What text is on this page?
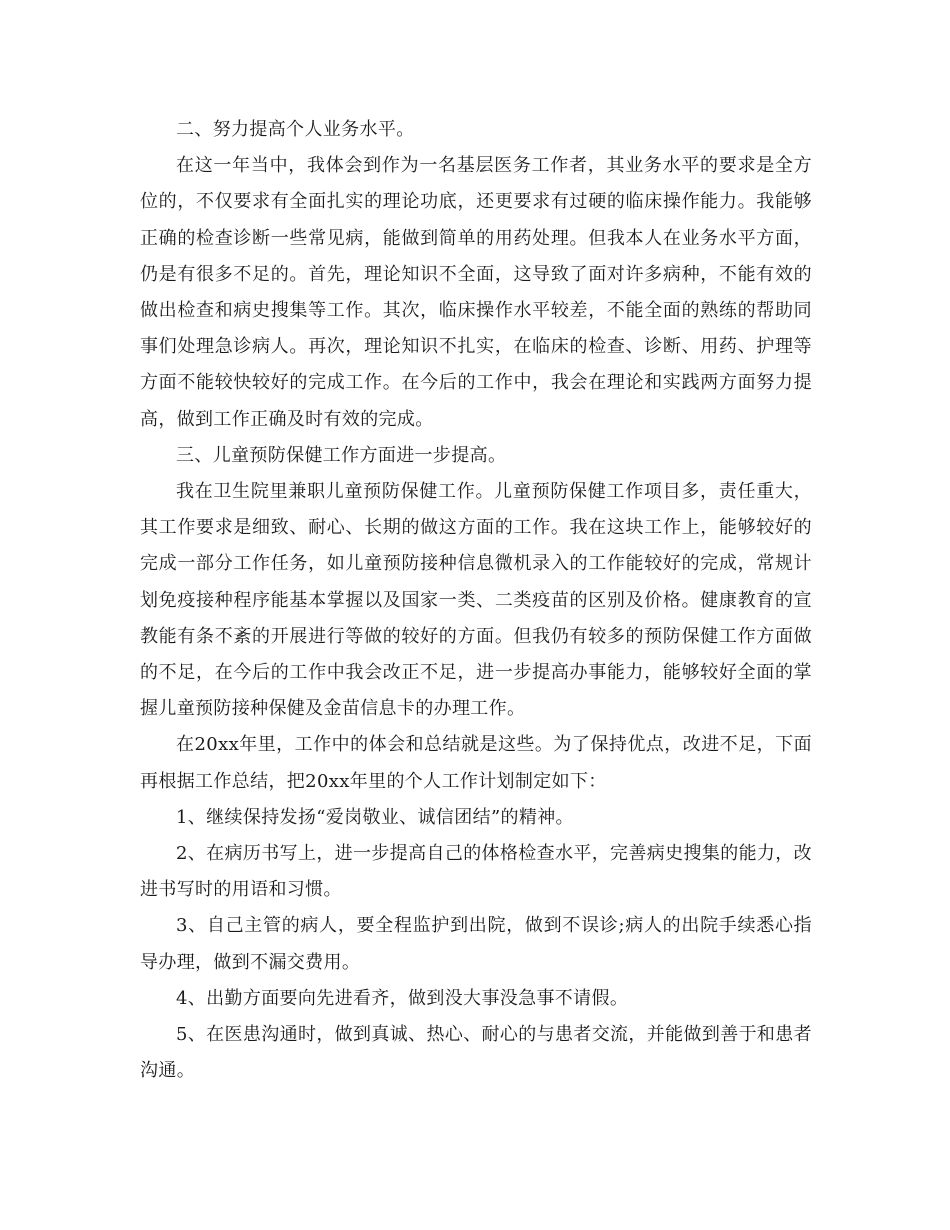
二、努力提高个人业务水平。

在这一年当中，我体会到作为一名基层医务工作者，其业务水平的要求是全方位的，不仅要求有全面扎实的理论功底，还更要求有过硬的临床操作能力。我能够正确的检查诊断一些常见病，能做到简单的用药处理。但我本人在业务水平方面，仍是有很多不足的。首先，理论知识不全面，这导致了面对许多病种，不能有效的做出检查和病史搜集等工作。其次，临床操作水平较差，不能全面的熟练的帮助同事们处理急诊病人。再次，理论知识不扎实，在临床的检查、诊断、用药、护理等方面不能较快较好的完成工作。在今后的工作中，我会在理论和实践两方面努力提高，做到工作正确及时有效的完成。

三、儿童预防保健工作方面进一步提高。

我在卫生院里兼职儿童预防保健工作。儿童预防保健工作项目多，责任重大，其工作要求是细致、耐心、长期的做这方面的工作。我在这块工作上，能够较好的完成一部分工作任务，如儿童预防接种信息微机录入的工作能较好的完成，常规计划免疫接种程序能基本掌握以及国家一类、二类疫苗的区别及价格。健康教育的宣教能有条不紊的开展进行等做的较好的方面。但我仍有较多的预防保健工作方面做的不足，在今后的工作中我会改正不足，进一步提高办事能力，能够较好全面的掌握儿童预防接种保健及金苗信息卡的办理工作。

在20xx年里，工作中的体会和总结就是这些。为了保持优点，改进不足，下面再根据工作总结，把20xx年里的个人工作计划制定如下：

1、继续保持发扬“爱岗敬业、诚信团结”的精神。

2、在病历书写上，进一步提高自己的体格检查水平，完善病史搜集的能力，改进书写时的用语和习惯。

3、自己主管的病人，要全程监护到出院，做到不误诊;病人的出院手续悉心指导办理，做到不漏交费用。

4、出勤方面要向先进看齐，做到没大事没急事不请假。

5、在医患沟通时，做到真诚、热心、耐心的与患者交流，并能做到善于和患者沟通。
